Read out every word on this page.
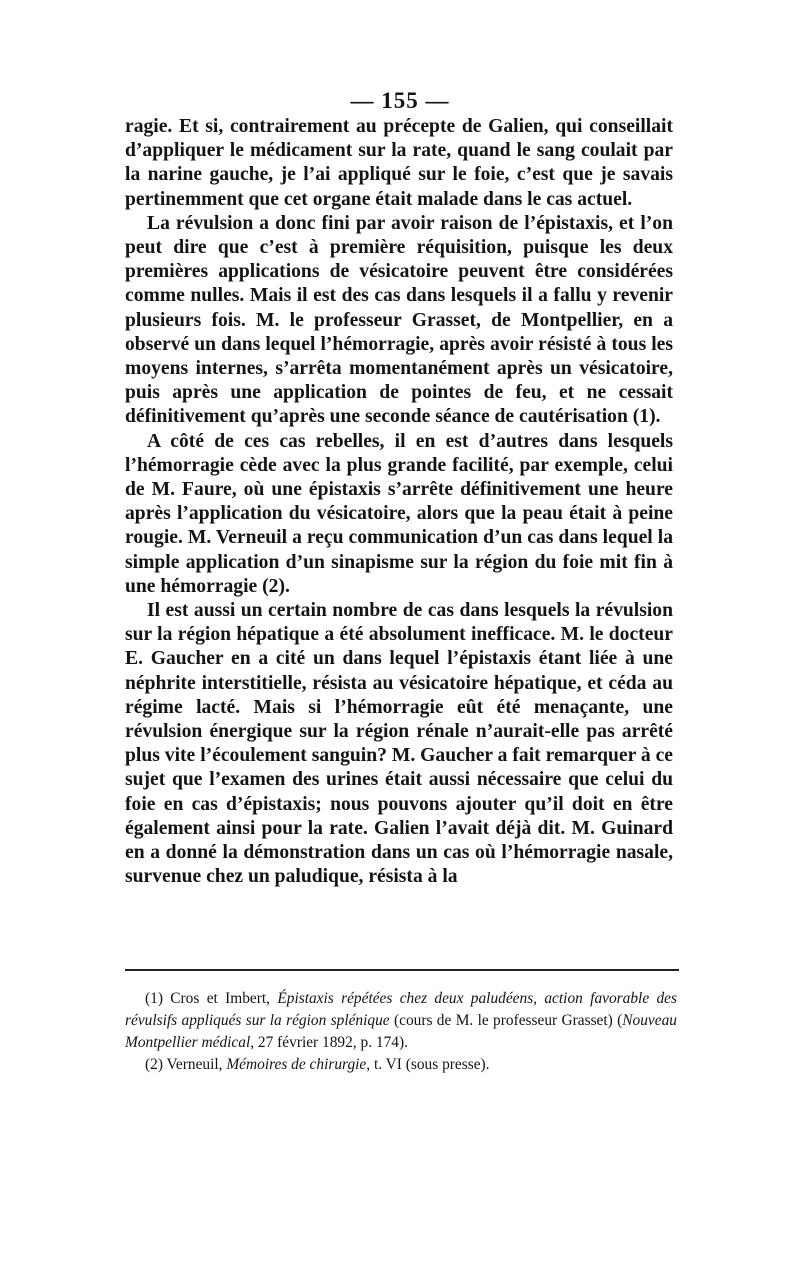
— 155 —

ragie. Et si, contrairement au précepte de Galien, qui conseillait d’appliquer le médicament sur la rate, quand le sang coulait par la narine gauche, je l’ai appliqué sur le foie, c’est que je savais pertinemment que cet organe était malade dans le cas actuel.

La révulsion a donc fini par avoir raison de l’épistaxis, et l’on peut dire que c’est à première réquisition, puisque les deux premières applications de vésicatoire peuvent être considérées comme nulles. Mais il est des cas dans lesquels il a fallu y revenir plusieurs fois. M. le professeur Grasset, de Montpellier, en a observé un dans lequel l’hémorragie, après avoir résisté à tous les moyens internes, s’arrêta momentanément après un vésicatoire, puis après une application de pointes de feu, et ne cessait définitivement qu’après une seconde séance de cautérisation (1).

A côté de ces cas rebelles, il en est d’autres dans lesquels l’hémorragie cède avec la plus grande facilité, par exemple, celui de M. Faure, où une épistaxis s’arrête définitivement une heure après l’application du vésicatoire, alors que la peau était à peine rougie. M. Verneuil a reçu communication d’un cas dans lequel la simple application d’un sinapisme sur la région du foie mit fin à une hémorragie (2).

Il est aussi un certain nombre de cas dans lesquels la révulsion sur la région hépatique a été absolument inefficace. M. le docteur E. Gaucher en a cité un dans lequel l’épistaxis étant liée à une néphrite interstitielle, résista au vésicatoire hépatique, et céda au régime lacté. Mais si l’hémorragie eût été menaçante, une révulsion énergique sur la région rénale n’aurait-elle pas arrêté plus vite l’écoulement sanguin? M. Gaucher a fait remarquer à ce sujet que l’examen des urines était aussi nécessaire que celui du foie en cas d’épistaxis; nous pouvons ajouter qu’il doit en être également ainsi pour la rate. Galien l’avait déjà dit. M. Guinard en a donné la démonstration dans un cas où l’hémorragie nasale, survenue chez un paludique, résista à la

(1) Cros et Imbert, Épistaxis répétées chez deux paludéens, action favorable des révulsifs appliqués sur la région splénique (cours de M. le professeur Grasset) (Nouveau Montpellier médical, 27 février 1892, p. 174).

(2) Verneuil, Mémoires de chirurgie, t. VI (sous presse).
